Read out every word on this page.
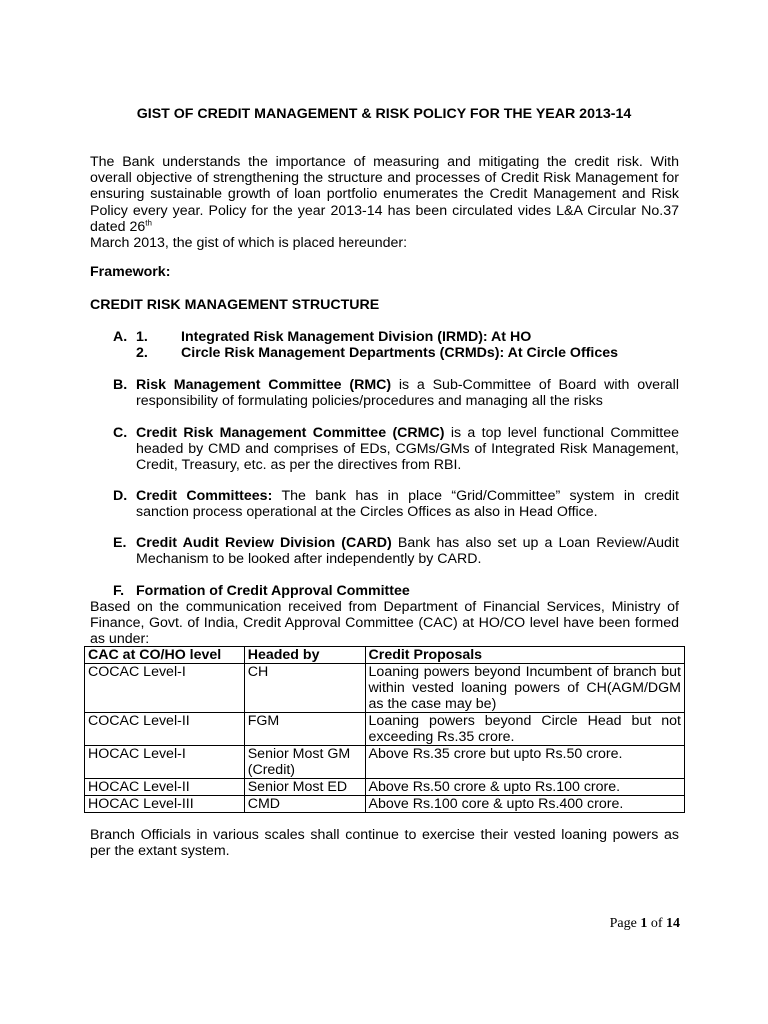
GIST OF CREDIT MANAGEMENT & RISK POLICY FOR THE YEAR 2013-14

The Bank understands the importance of measuring and mitigating the credit risk. With overall objective of strengthening the structure and processes of Credit Risk Management for ensuring sustainable growth of loan portfolio enumerates the Credit Management and Risk Policy every year. Policy for the year 2013-14 has been circulated vides L&A Circular No.37 dated 26th
March 2013, the gist of which is placed hereunder:

Framework:

CREDIT RISK MANAGEMENT STRUCTURE

A. 1. Integrated Risk Management Division (IRMD): At HO
2. Circle Risk Management Departments (CRMDs): At Circle Offices
B. Risk Management Committee (RMC) is a Sub-Committee of Board with overall responsibility of formulating policies/procedures and managing all the risks
C. Credit Risk Management Committee (CRMC) is a top level functional Committee headed by CMD and comprises of EDs, CGMs/GMs of Integrated Risk Management, Credit, Treasury, etc. as per the directives from RBI.
D. Credit Committees: The bank has in place “Grid/Committee” system in credit sanction process operational at the Circles Offices as also in Head Office.
E. Credit Audit Review Division (CARD) Bank has also set up a Loan Review/Audit Mechanism to be looked after independently by CARD.
F. Formation of Credit Approval Committee

Based on the communication received from Department of Financial Services, Ministry of Finance, Govt. of India, Credit Approval Committee (CAC) at HO/CO level have been formed as under:

CAC at CO/HO level	Headed by	Credit Proposals
COCAC Level-I	CH	Loaning powers beyond Incumbent of branch but within vested loaning powers of CH(AGM/DGM as the case may be)
COCAC Level-II	FGM	Loaning powers beyond Circle Head but not exceeding Rs.35 crore.
HOCAC Level-I	Senior Most GM (Credit)	Above Rs.35 crore but upto Rs.50 crore.
HOCAC Level-II	Senior Most ED	Above Rs.50 crore & upto Rs.100 crore.
HOCAC Level-III	CMD	Above Rs.100 core & upto Rs.400 crore.

Branch Officials in various scales shall continue to exercise their vested loaning powers as per the extant system.

Page 1 of 14
